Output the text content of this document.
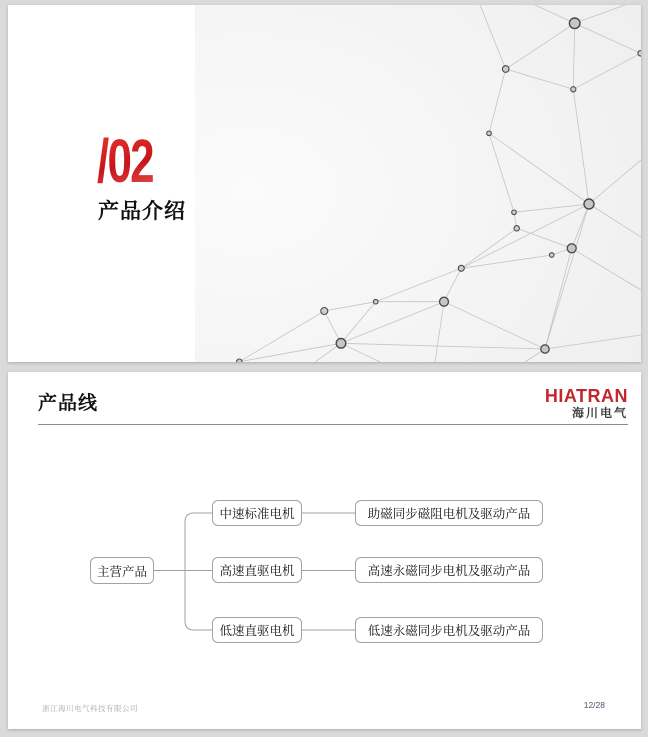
/02
产品介绍
产品线	HIATRAN
海川电气
主营产品
中速标准电机
高速直驱电机
低速直驱电机
助磁同步磁阻电机及驱动产品
高速永磁同步电机及驱动产品
低速永磁同步电机及驱动产品
浙江海川电气科技有限公司	12/28
